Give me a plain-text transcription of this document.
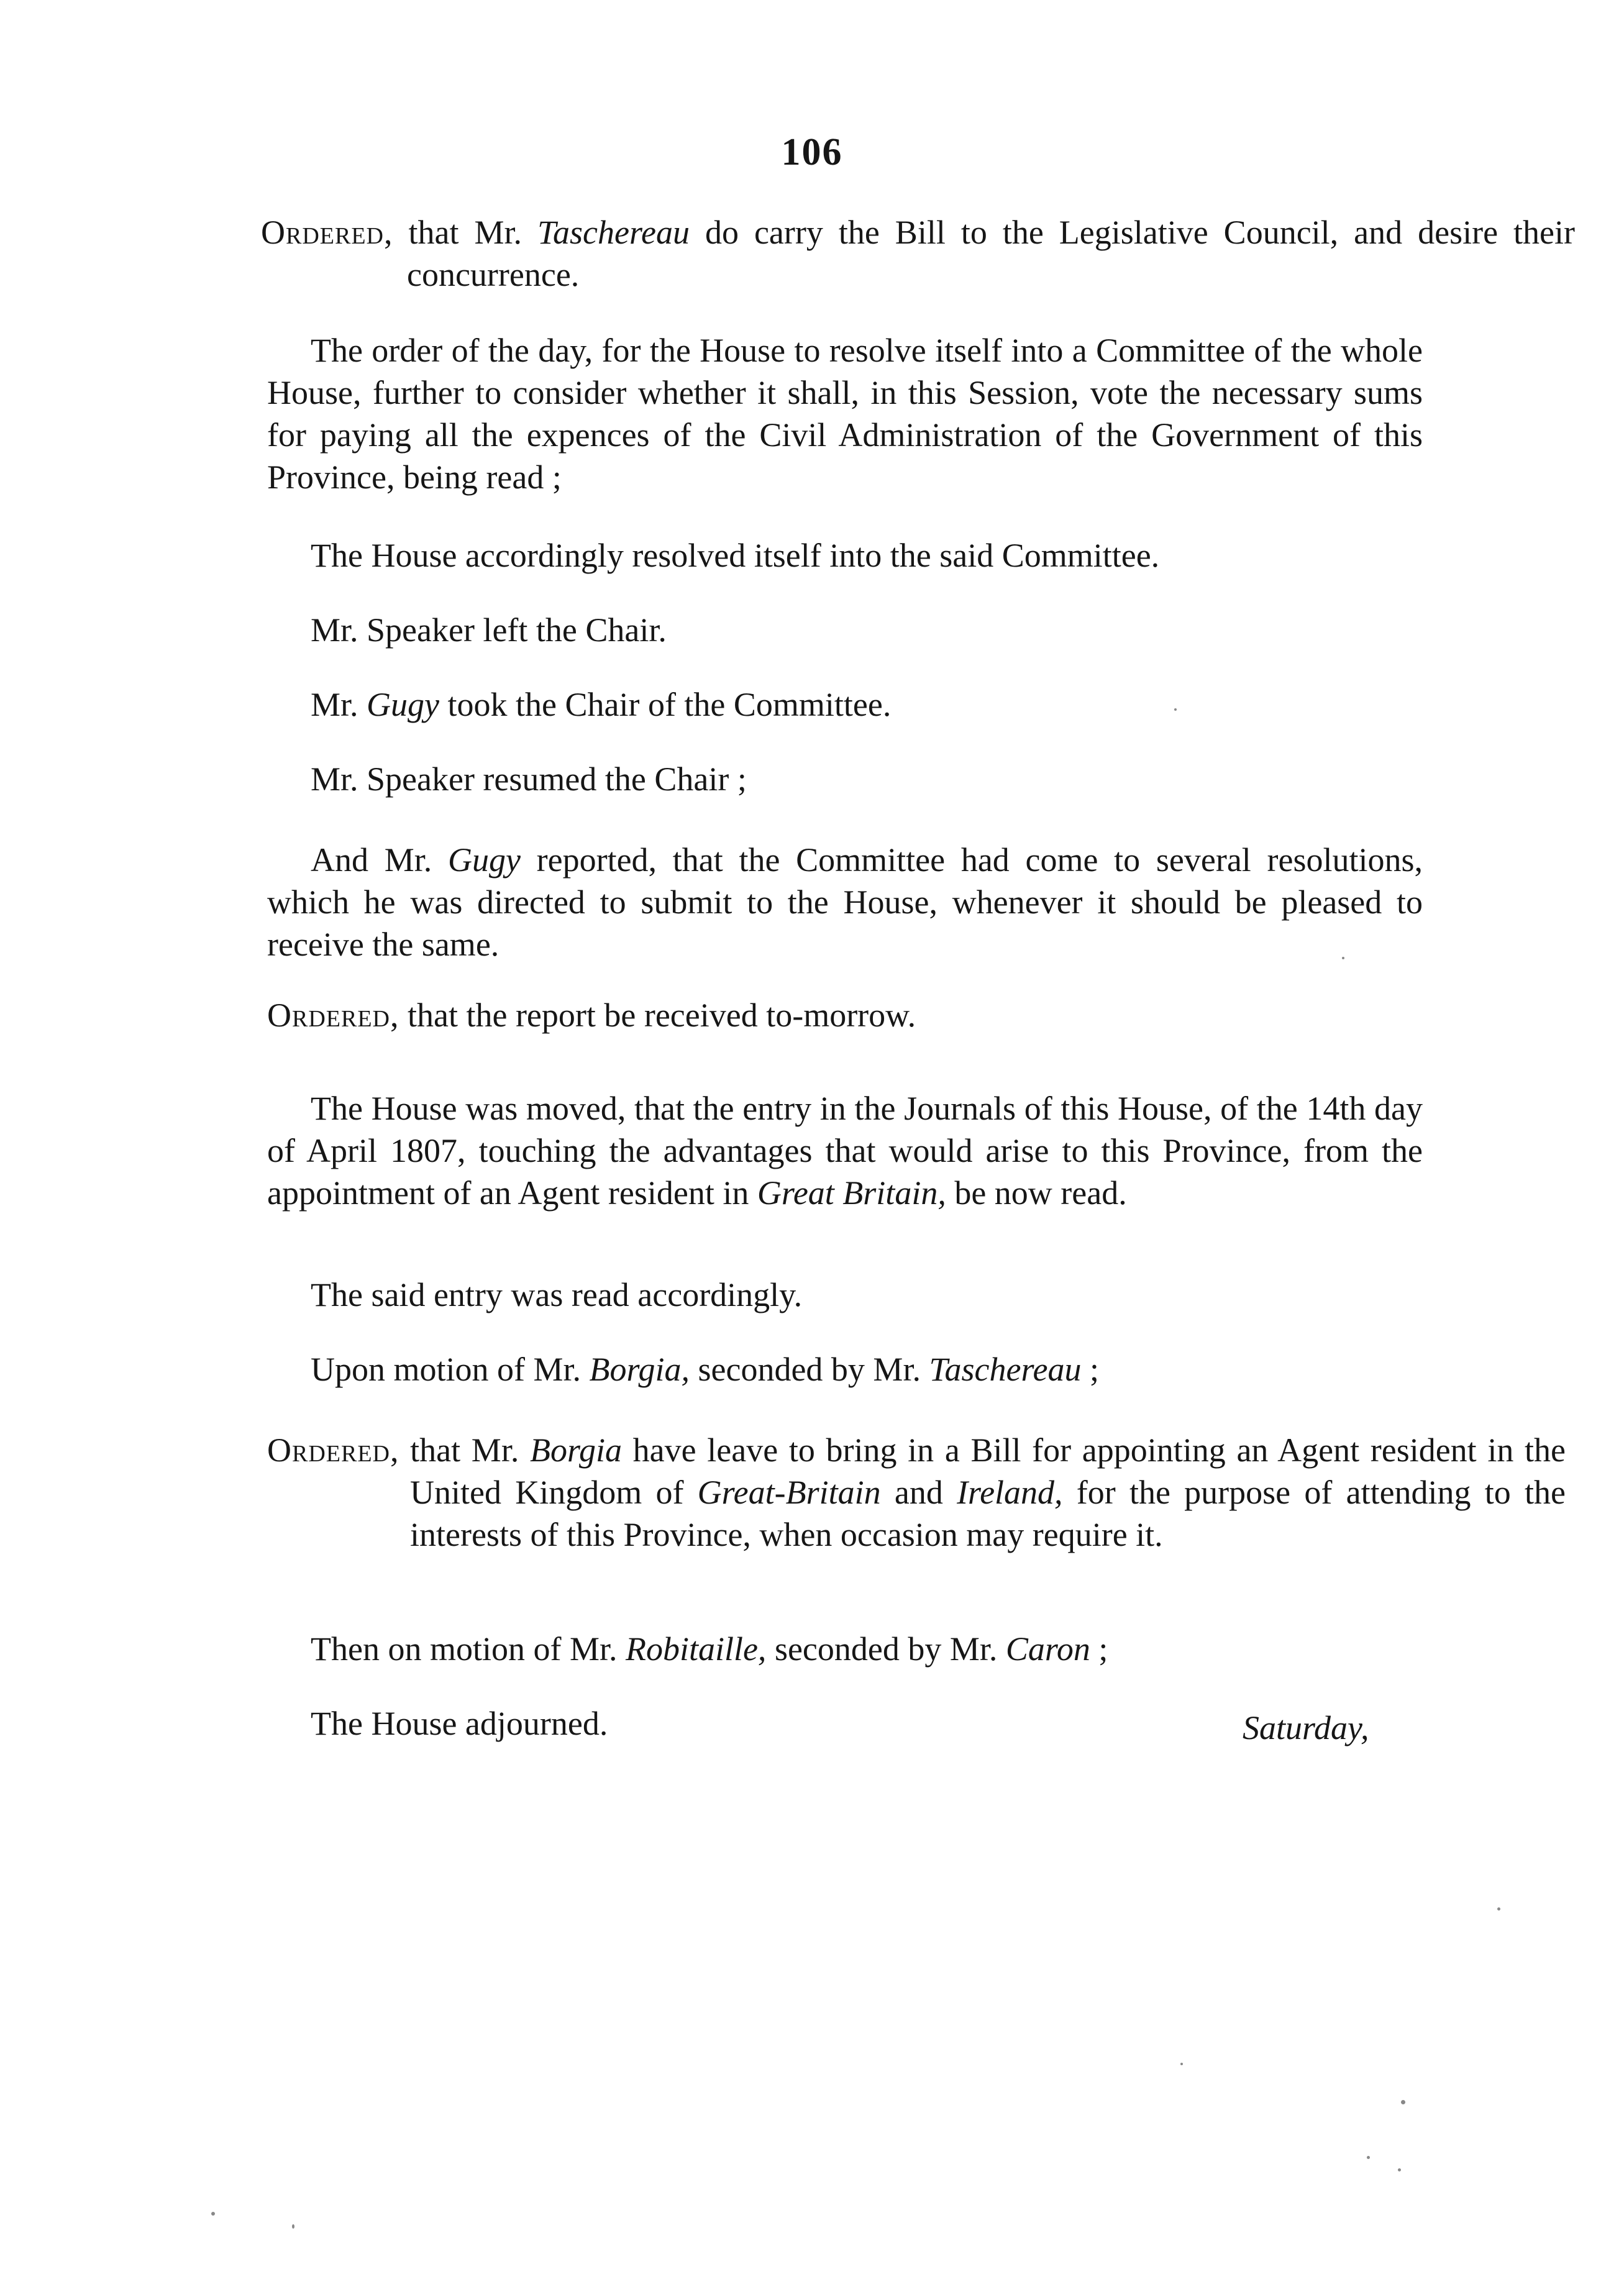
106
Ordered, that Mr. Taschereau do carry the Bill to the Legislative Council, and desire their concurrence.
The order of the day, for the House to resolve itself into a Committee of the whole House, further to consider whether it shall, in this Session, vote the necessary sums for paying all the expences of the Civil Administration of the Government of this Province, being read ;
The House accordingly resolved itself into the said Committee.
Mr. Speaker left the Chair.
Mr. Gugy took the Chair of the Committee.
Mr. Speaker resumed the Chair ;
And Mr. Gugy reported, that the Committee had come to several resolutions, which he was directed to submit to the House, whenever it should be pleased to receive the same.
Ordered, that the report be received to-morrow.
The House was moved, that the entry in the Journals of this House, of the 14th day of April 1807, touching the advantages that would arise to this Province, from the appointment of an Agent resident in Great Britain, be now read.
The said entry was read accordingly.
Upon motion of Mr. Borgia, seconded by Mr. Taschereau ;
Ordered, that Mr. Borgia have leave to bring in a Bill for appointing an Agent resident in the United Kingdom of Great-Britain and Ireland, for the purpose of attending to the interests of this Province, when occasion may require it.
Then on motion of Mr. Robitaille, seconded by Mr. Caron ;
The House adjourned.	Saturday,
